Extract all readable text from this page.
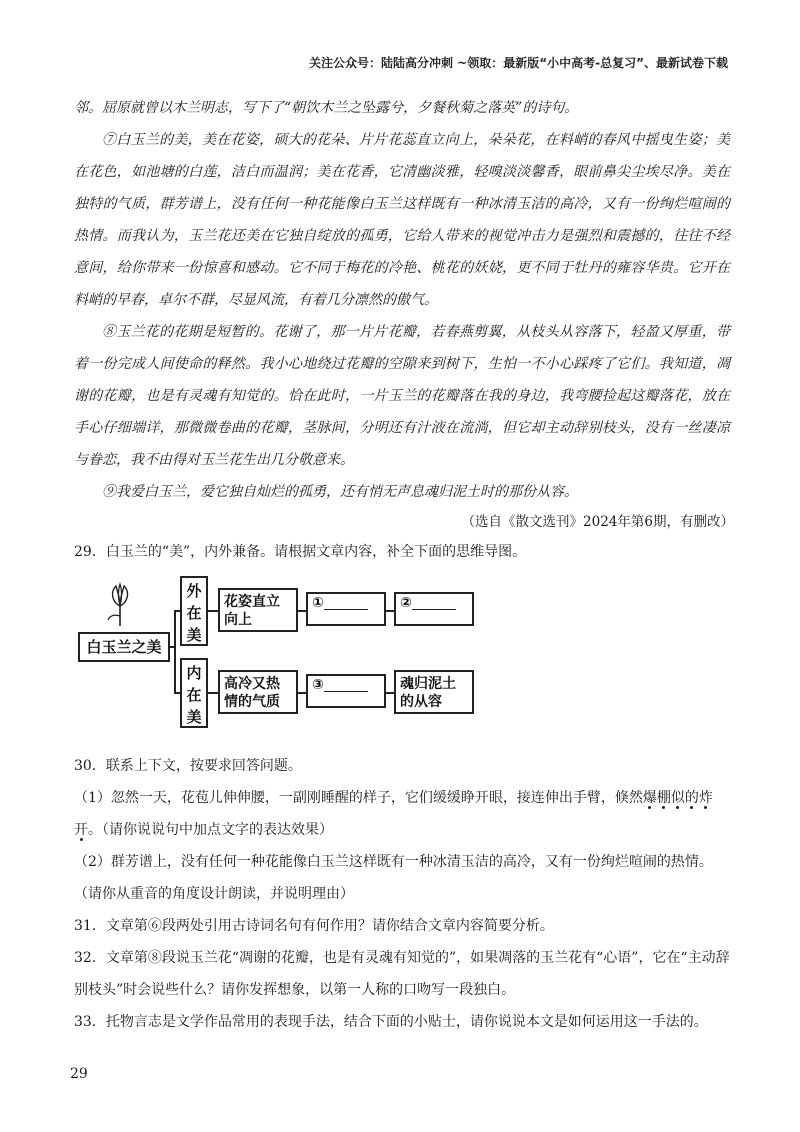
关注公众号：陆陆高分冲刺 ~领取：最新版“小中高考-总复习”、最新试卷下载

邻。屈原就曾以木兰明志，写下了“朝饮木兰之坠露兮，夕餐秋菊之落英”的诗句。

⑦白玉兰的美，美在花姿，硕大的花朵、片片花蕊直立向上，朵朵花，在料峭的春风中摇曳生姿；美在花色，如池塘的白莲，洁白而温润；美在花香，它清幽淡雅，轻嗅淡淡馨香，眼前鼻尖尘埃尽净。美在独特的气质，群芳谱上，没有任何一种花能像白玉兰这样既有一种冰清玉洁的高冷，又有一份绚烂喧闹的热情。而我认为，玉兰花还美在它独自绽放的孤勇，它给人带来的视觉冲击力是强烈和震撼的，往往不经意间，给你带来一份惊喜和感动。它不同于梅花的冷艳、桃花的妖娆，更不同于牡丹的雍容华贵。它开在料峭的早春，卓尔不群，尽显风流，有着几分凛然的傲气。

⑧玉兰花的花期是短暂的。花谢了，那一片片花瓣，若春燕剪翼，从枝头从容落下，轻盈又厚重，带着一份完成人间使命的释然。我小心地绕过花瓣的空隙来到树下，生怕一不小心踩疼了它们。我知道，凋谢的花瓣，也是有灵魂有知觉的。恰在此时，一片玉兰的花瓣落在我的身边，我弯腰捡起这瓣落花，放在手心仔细端详，那微微卷曲的花瓣，茎脉间，分明还有汁液在流淌，但它却主动辞别枝头，没有一丝凄凉与眷恋，我不由得对玉兰花生出几分敬意来。

⑨我爱白玉兰，爱它独自灿烂的孤勇，还有悄无声息魂归泥土时的那份从容。

（选自《散文选刊》2024年第6期，有删改）

29．白玉兰的“美”，内外兼备。请根据文章内容，补全下面的思维导图。

白玉兰之美
外在美
内在美
花姿直立向上
①	②
高冷又热情的气质
③	魂归泥土的从容

30．联系上下文，按要求回答问题。

（1）忽然一天，花苞儿伸伸腰，一副刚睡醒的样子，它们缓缓睁开眼，接连伸出手臂，倏然爆棚似的炸开。（请你说说句中加点文字的表达效果）

（2）群芳谱上，没有任何一种花能像白玉兰这样既有一种冰清玉洁的高冷，又有一份绚烂喧闹的热情。

（请你从重音的角度设计朗读，并说明理由）

31．文章第⑥段两处引用古诗词名句有何作用？请你结合文章内容简要分析。

32．文章第⑧段说玉兰花“凋谢的花瓣，也是有灵魂有知觉的”，如果凋落的玉兰花有“心语”，它在“主动辞别枝头”时会说些什么？请你发挥想象，以第一人称的口吻写一段独白。

33．托物言志是文学作品常用的表现手法，结合下面的小贴士，请你说说本文是如何运用这一手法的。

29
